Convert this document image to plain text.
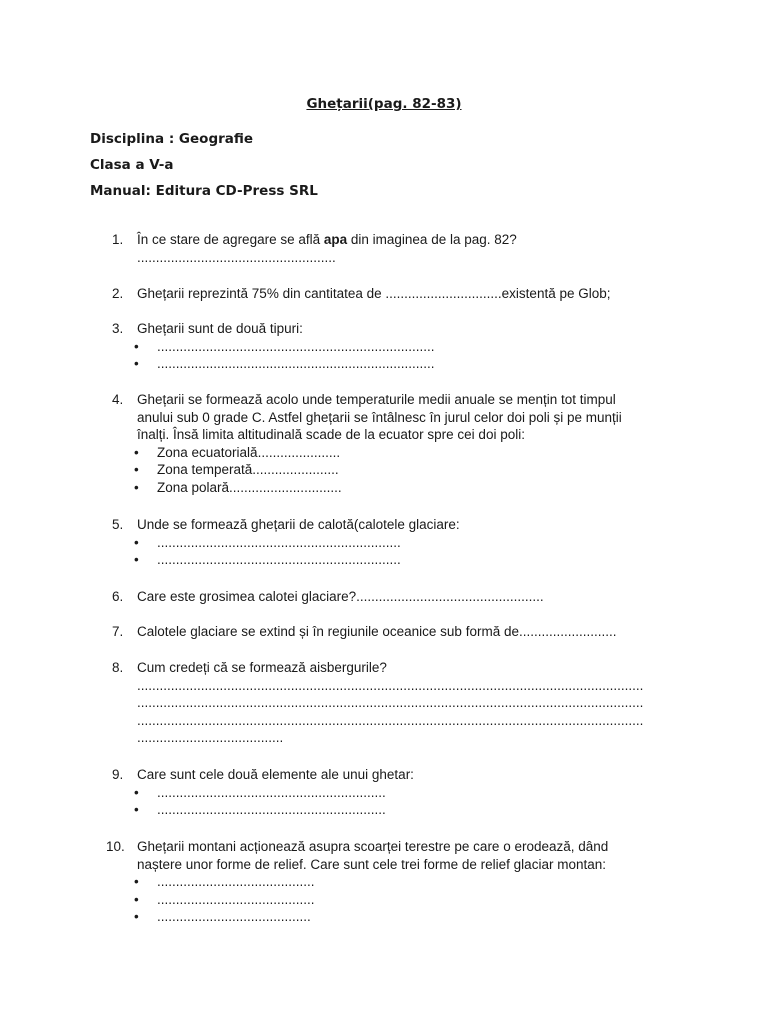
Ghețarii(pag. 82-83)
Disciplina : Geografie
Clasa a V-a
Manual: Editura CD-Press SRL
1. În ce stare de agregare se află apa din imaginea de la pag. 82?
.....................................................
2. Ghețarii reprezintă 75% din cantitatea de ...............................existentă pe Glob;
3. Ghețarii sunt de două tipuri:
• ..........................................................................
• ..........................................................................
4. Ghețarii se formează acolo unde temperaturile medii anuale se mențin tot timpul
anului sub 0 grade C. Astfel ghețarii se întâlnesc în jurul celor doi poli și pe munții
înalți. Însă limita altitudinală scade de la ecuator spre cei doi poli:
• Zona ecuatorială......................
• Zona temperată.......................
• Zona polară..............................
5. Unde se formează ghețarii de calotă(calotele glaciare:
• .................................................................
• .................................................................
6. Care este grosimea calotei glaciare?..................................................
7. Calotele glaciare se extind și în regiunile oceanice sub formă de..........................
8. Cum credeți că se formează aisbergurile?
.......................................................................................................................................
.......................................................................................................................................
.......................................................................................................................................
.......................................
9. Care sunt cele două elemente ale unui ghetar:
• .............................................................
• .............................................................
10. Ghețarii montani acționează asupra scoarței terestre pe care o erodează, dând
naștere unor forme de relief. Care sunt cele trei forme de relief glaciar montan:
• ..........................................
• ..........................................
• .........................................
